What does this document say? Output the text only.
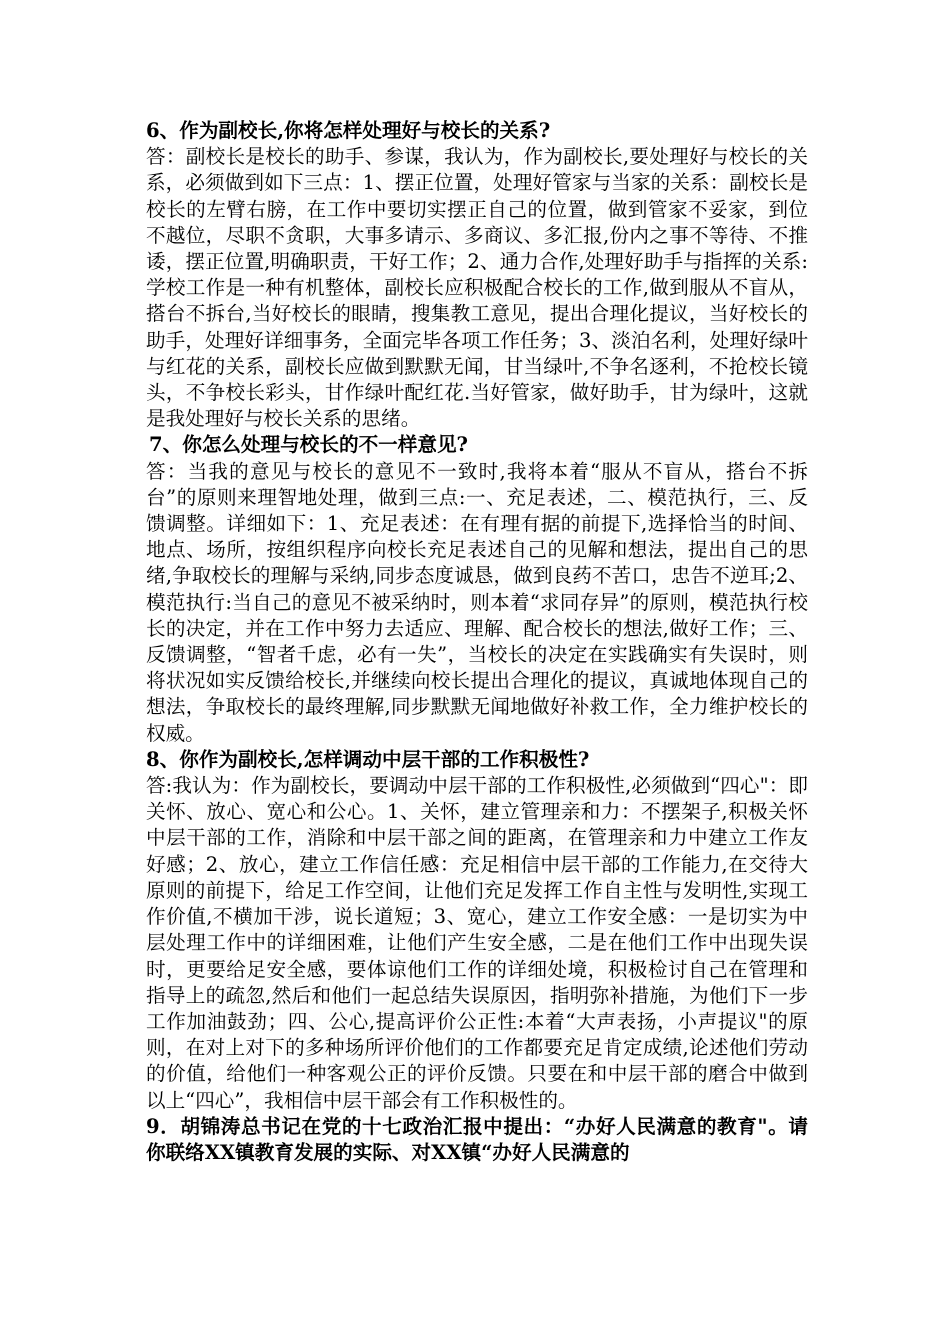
6、作为副校长,你将怎样处理好与校长的关系?

答：副校长是校长的助手、参谋，我认为，作为副校长,要处理好与校长的关系，必须做到如下三点：1、摆正位置，处理好管家与当家的关系：副校长是校长的左臂右膀，在工作中要切实摆正自己的位置，做到管家不妥家，到位不越位，尽职不贪职，大事多请示、多商议、多汇报,份内之事不等待、不推诿，摆正位置,明确职责，干好工作；2、通力合作,处理好助手与指挥的关系:学校工作是一种有机整体，副校长应积极配合校长的工作,做到服从不盲从，搭台不拆台,当好校长的眼睛，搜集教工意见，提出合理化提议，当好校长的助手，处理好详细事务，全面完毕各项工作任务；3、淡泊名利，处理好绿叶与红花的关系，副校长应做到默默无闻，甘当绿叶,不争名逐利，不抢校长镜头，不争校长彩头，甘作绿叶配红花.当好管家，做好助手，甘为绿叶，这就是我处理好与校长关系的思绪。

7、你怎么处理与校长的不一样意见?

答：当我的意见与校长的意见不一致时,我将本着“服从不盲从，搭台不拆台”的原则来理智地处理，做到三点:一、充足表述，二、模范执行，三、反馈调整。详细如下：1、充足表述：在有理有据的前提下,选择恰当的时间、地点、场所，按组织程序向校长充足表述自己的见解和想法，提出自己的思绪,争取校长的理解与采纳,同步态度诚恳，做到良药不苦口，忠告不逆耳;2、模范执行:当自己的意见不被采纳时，则本着“求同存异”的原则，模范执行校长的决定，并在工作中努力去适应、理解、配合校长的想法,做好工作；三、反馈调整，“智者千虑，必有一失”，当校长的决定在实践确实有失误时，则将状况如实反馈给校长,并继续向校长提出合理化的提议，真诚地体现自己的想法，争取校长的最终理解,同步默默无闻地做好补救工作，全力维护校长的权威。

8、你作为副校长,怎样调动中层干部的工作积极性?

答:我认为：作为副校长，要调动中层干部的工作积极性,必须做到“四心"：即关怀、放心、宽心和公心。1、关怀，建立管理亲和力：不摆架子,积极关怀中层干部的工作，消除和中层干部之间的距离，在管理亲和力中建立工作友好感；2、放心，建立工作信任感：充足相信中层干部的工作能力,在交待大原则的前提下，给足工作空间，让他们充足发挥工作自主性与发明性,实现工作价值,不横加干涉，说长道短；3、宽心，建立工作安全感：一是切实为中层处理工作中的详细困难，让他们产生安全感，二是在他们工作中出现失误时，更要给足安全感，要体谅他们工作的详细处境，积极检讨自己在管理和指导上的疏忽,然后和他们一起总结失误原因，指明弥补措施，为他们下一步工作加油鼓劲；四、公心,提高评价公正性:本着“大声表扬，小声提议"的原则，在对上对下的多种场所评价他们的工作都要充足肯定成绩,论述他们劳动的价值，给他们一种客观公正的评价反馈。只要在和中层干部的磨合中做到以上“四心”，我相信中层干部会有工作积极性的。

9．胡锦涛总书记在党的十七政治汇报中提出：“办好人民满意的教育"。请你联络XX镇教育发展的实际、对XX镇“办好人民满意的
